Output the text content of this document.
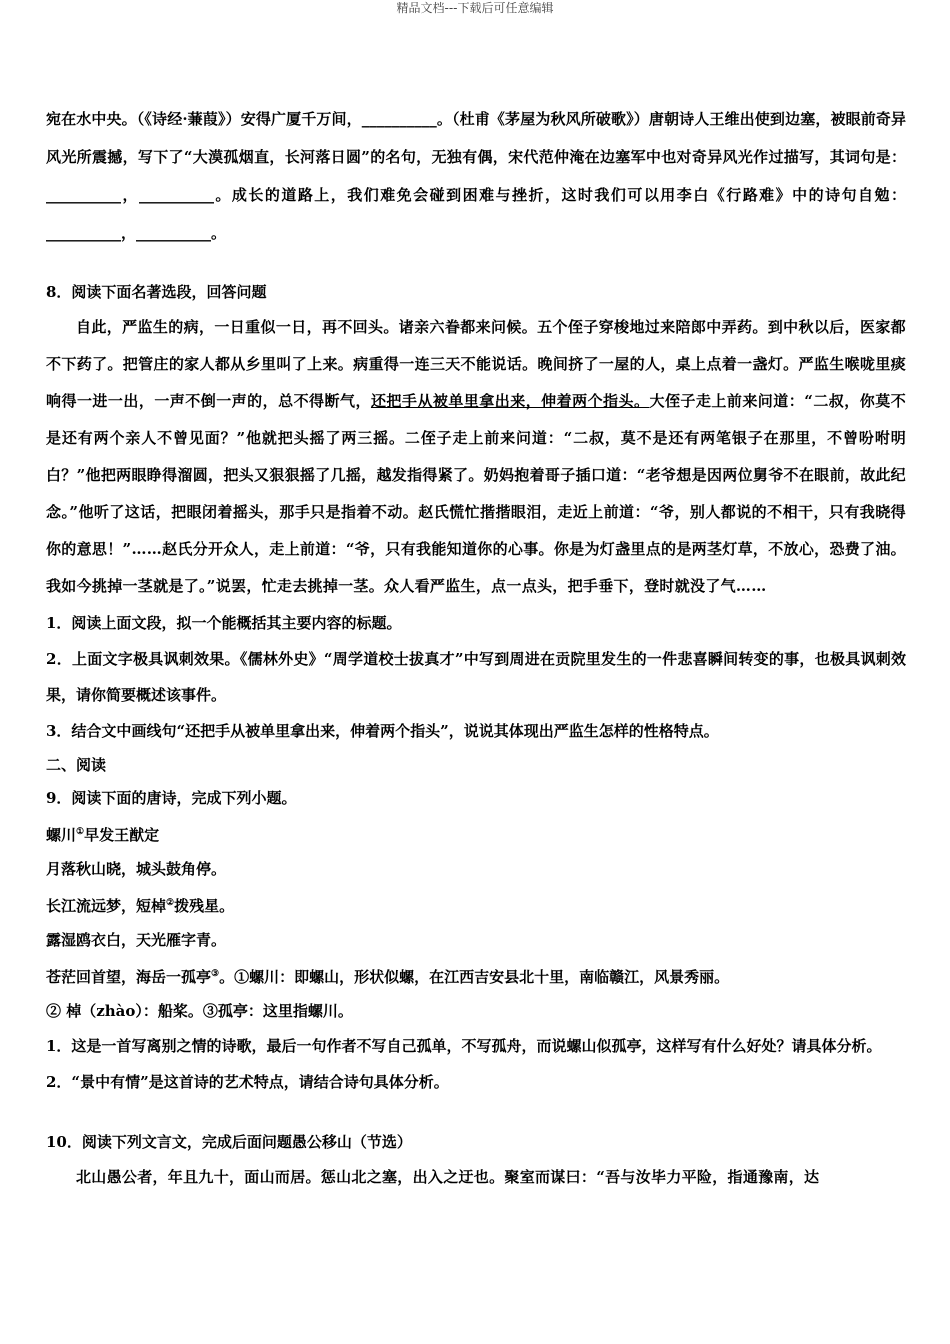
精品文档---下载后可任意编辑

宛在水中央。（《诗经·蒹葭》）安得广厦千万间，__________。（杜甫《茅屋为秋风所破歌》）唐朝诗人王维出使到边塞，被眼前奇异风光所震撼，写下了“大漠孤烟直，长河落日圆”的名句，无独有偶，宋代范仲淹在边塞军中也对奇异风光作过描写，其词句是：__________，__________。成长的道路上，我们难免会碰到困难与挫折，这时我们可以用李白《行路难》中的诗句自勉：__________，__________。

8．阅读下面名著选段，回答问题

自此，严监生的病，一日重似一日，再不回头。诸亲六眷都来问候。五个侄子穿梭地过来陪郎中弄药。到中秋以后，医家都不下药了。把管庄的家人都从乡里叫了上来。病重得一连三天不能说话。晚间挤了一屋的人，桌上点着一盏灯。严监生喉咙里痰响得一进一出，一声不倒一声的，总不得断气，还把手从被单里拿出来，伸着两个指头。大侄子走上前来问道：“二叔，你莫不是还有两个亲人不曾见面？”他就把头摇了两三摇。二侄子走上前来问道：“二叔，莫不是还有两笔银子在那里，不曾吩咐明白？”他把两眼睁得溜圆，把头又狠狠摇了几摇，越发指得紧了。奶妈抱着哥子插口道：“老爷想是因两位舅爷不在眼前，故此纪念。”他听了这话，把眼闭着摇头，那手只是指着不动。赵氏慌忙揩揩眼泪，走近上前道：“爷，别人都说的不相干，只有我晓得你的意思！”……赵氏分开众人，走上前道：“爷，只有我能知道你的心事。你是为灯盏里点的是两茎灯草，不放心，恐费了油。我如今挑掉一茎就是了。”说罢，忙走去挑掉一茎。众人看严监生，点一点头，把手垂下，登时就没了气……

1．阅读上面文段，拟一个能概括其主要内容的标题。

2．上面文字极具讽刺效果。《儒林外史》“周学道校士拔真才”中写到周进在贡院里发生的一件悲喜瞬间转变的事，也极具讽刺效果，请你简要概述该事件。

3．结合文中画线句“还把手从被单里拿出来，伸着两个指头”，说说其体现出严监生怎样的性格特点。

二、阅读

9．阅读下面的唐诗，完成下列小题。

螺川①早发王猷定

月落秋山晓，城头鼓角停。

长江流远梦，短棹②拨残星。

露湿鸥衣白，天光雁字青。

苍茫回首望，海岳一孤亭③。①螺川：即螺山，形状似螺，在江西吉安县北十里，南临赣江，风景秀丽。

② 棹（zhào）：船桨。③孤亭：这里指螺川。

1．这是一首写离别之情的诗歌，最后一句作者不写自己孤单，不写孤舟，而说螺山似孤亭，这样写有什么好处？请具体分析。

2．“景中有情”是这首诗的艺术特点，请结合诗句具体分析。

10．阅读下列文言文，完成后面问题愚公移山（节选）

北山愚公者，年且九十，面山而居。惩山北之塞，出入之迂也。聚室而谋曰：“吾与汝毕力平险，指通豫南，达
